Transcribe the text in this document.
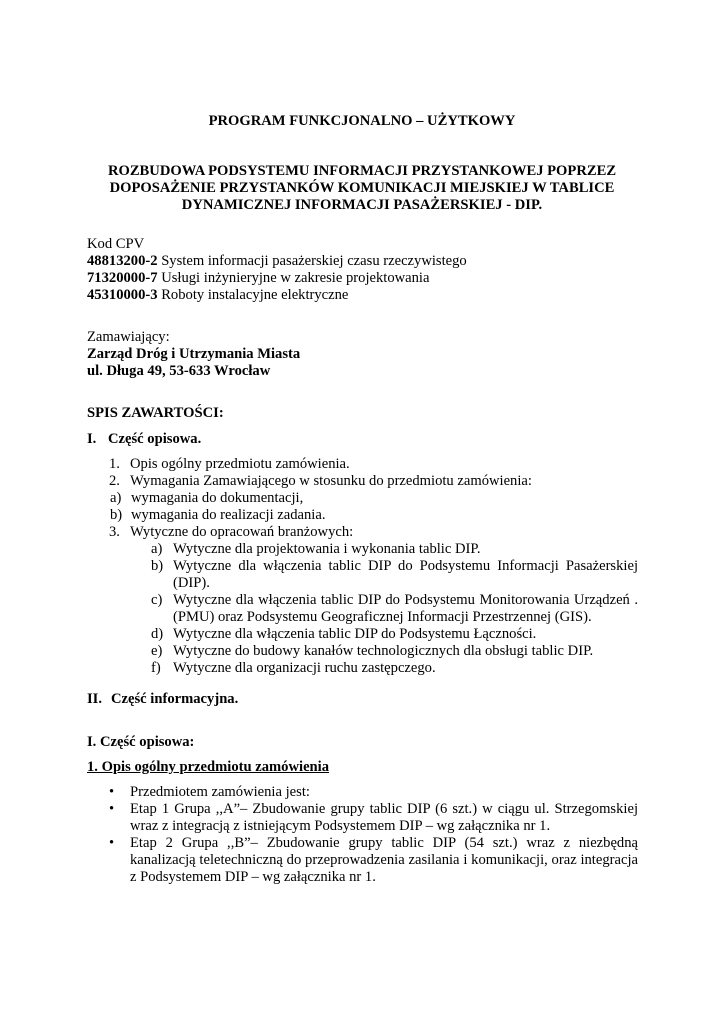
PROGRAM FUNKCJONALNO – UŻYTKOWY
ROZBUDOWA PODSYSTEMU INFORMACJI PRZYSTANKOWEJ POPRZEZ
DOPOSAŻENIE PRZYSTANKÓW KOMUNIKACJI MIEJSKIEJ W TABLICE
DYNAMICZNEJ INFORMACJI PASAŻERSKIEJ - DIP.
Kod CPV
48813200-2 System informacji pasażerskiej czasu rzeczywistego
71320000-7 Usługi inżynieryjne w zakresie projektowania
45310000-3 Roboty instalacyjne elektryczne
Zamawiający:
Zarząd Dróg i Utrzymania Miasta
ul. Długa 49, 53-633 Wrocław
SPIS ZAWARTOŚCI:
I. Część opisowa.
1. Opis ogólny przedmiotu zamówienia.
2. Wymagania Zamawiającego w stosunku do przedmiotu zamówienia:
a) wymagania do dokumentacji,
b) wymagania do realizacji zadania.
3. Wytyczne do opracowań branżowych:
a) Wytyczne dla projektowania i wykonania tablic DIP.
b) Wytyczne dla włączenia tablic DIP do Podsystemu Informacji Pasażerskiej (DIP).
c) Wytyczne dla włączenia tablic DIP do Podsystemu Monitorowania Urządzeń .(PMU) oraz Podsystemu Geograficznej Informacji Przestrzennej (GIS).
d) Wytyczne dla włączenia tablic DIP do Podsystemu Łączności.
e) Wytyczne do budowy kanałów technologicznych dla obsługi tablic DIP.
f) Wytyczne dla organizacji ruchu zastępczego.
II. Część informacyjna.
I. Część opisowa:
1. Opis ogólny przedmiotu zamówienia
• Przedmiotem zamówienia jest:
• Etap 1 Grupa ,,A”– Zbudowanie grupy tablic DIP (6 szt.) w ciągu ul. Strzegomskiej wraz z integracją z istniejącym Podsystemem DIP – wg załącznika nr 1.
• Etap 2 Grupa ,,B”– Zbudowanie grupy tablic DIP (54 szt.) wraz z niezbędną kanalizacją teletechniczną do przeprowadzenia zasilania i komunikacji, oraz integracja z Podsystemem DIP – wg załącznika nr 1.
